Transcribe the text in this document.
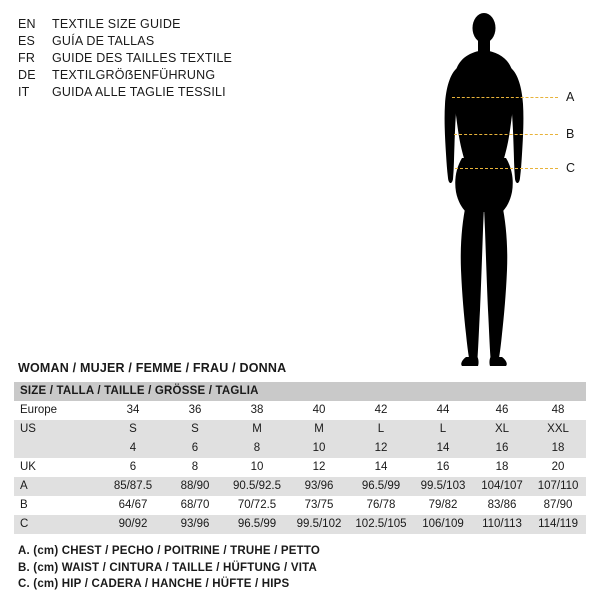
EN	TEXTILE SIZE GUIDE
ES	GUÍA DE TALLAS
FR	GUIDE DES TAILLES TEXTILE
DE	TEXTILGRÖẞENFÜHRUNG
IT	GUIDA ALLE TAGLIE TESSILI	A
B
C
WOMAN / MUJER / FEMME / FRAU / DONNA
SIZE / TALLA / TAILLE / GRÖSSE / TAGLIA								
Europe	34	36	38	40	42	44	46	48
US	S	S	M	M	L	L	XL	XXL
	4	6	8	10	12	14	16	18
UK	6	8	10	12	14	16	18	20
A	85/87.5	88/90	90.5/92.5	93/96	96.5/99	99.5/103	104/107	107/110
B	64/67	68/70	70/72.5	73/75	76/78	79/82	83/86	87/90
C	90/92	93/96	96.5/99	99.5/102	102.5/105	106/109	110/113	114/119
A. (cm) CHEST / PECHO / POITRINE / TRUHE / PETTO
B. (cm) WAIST / CINTURA / TAILLE / HÜFTUNG / VITA
C. (cm) HIP / CADERA / HANCHE / HÜFTE / HIPS
